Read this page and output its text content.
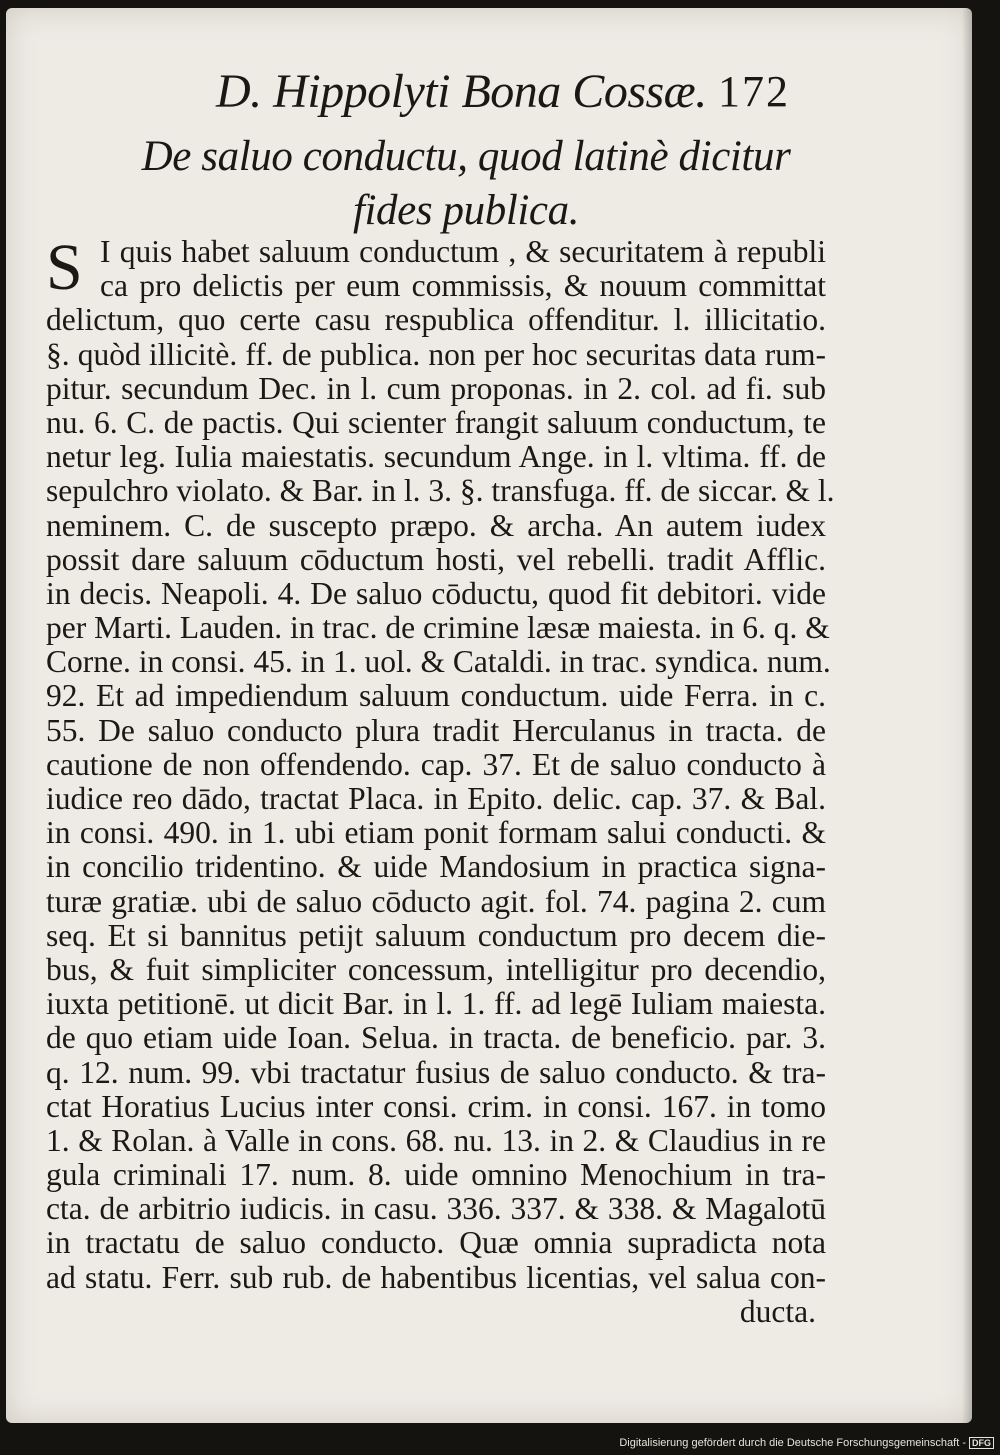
D. Hippolyti Bona Cossæ. 172
De saluo conductu, quod latinè dicitur
fides publica.
S I quis habet saluum conductum , & securitatem à republi
ca pro delictis per eum commissis, & nouum committat
delictum, quo certe casu respublica offenditur. l. illicitatio.
§. quòd illicitè. ff. de publica. non per hoc securitas data rum-
pitur. secundum Dec. in l. cum proponas. in 2. col. ad fi. sub
nu. 6. C. de pactis. Qui scienter frangit saluum conductum, te
netur leg. Iulia maiestatis. secundum Ange. in l. vltima. ff. de
sepulchro violato. & Bar. in l. 3. §. transfuga. ff. de siccar. & l.
neminem. C. de suscepto præpo. & archa. An autem iudex
possit dare saluum cōductum hosti, vel rebelli. tradit Afflic.
in decis. Neapoli. 4. De saluo cōductu, quod fit debitori. vide
per Marti. Lauden. in trac. de crimine læsæ maiesta. in 6. q. &
Corne. in consi. 45. in 1. uol. & Cataldi. in trac. syndica. num.
92. Et ad impediendum saluum conductum. uide Ferra. in c.
55. De saluo conducto plura tradit Herculanus in tracta. de
cautione de non offendendo. cap. 37. Et de saluo conducto à
iudice reo dādo, tractat Placa. in Epito. delic. cap. 37. & Bal.
in consi. 490. in 1. ubi etiam ponit formam salui conducti. &
in concilio tridentino. & uide Mandosium in practica signa-
turæ gratiæ. ubi de saluo cōducto agit. fol. 74. pagina 2. cum
seq. Et si bannitus petijt saluum conductum pro decem die-
bus, & fuit simpliciter concessum, intelligitur pro decendio,
iuxta petitionē. ut dicit Bar. in l. 1. ff. ad legē Iuliam maiesta.
de quo etiam uide Ioan. Selua. in tracta. de beneficio. par. 3.
q. 12. num. 99. vbi tractatur fusius de saluo conducto. & tra-
ctat Horatius Lucius inter consi. crim. in consi. 167. in tomo
1. & Rolan. à Valle in cons. 68. nu. 13. in 2. & Claudius in re
gula criminali 17. num. 8. uide omnino Menochium in tra-
cta. de arbitrio iudicis. in casu. 336. 337. & 338. & Magalotū
in tractatu de saluo conducto. Quæ omnia supradicta nota
ad statu. Ferr. sub rub. de habentibus licentias, vel salua con-
ducta.
Digitalisierung gefördert durch die Deutsche Forschungsgemeinschaft - DFG
